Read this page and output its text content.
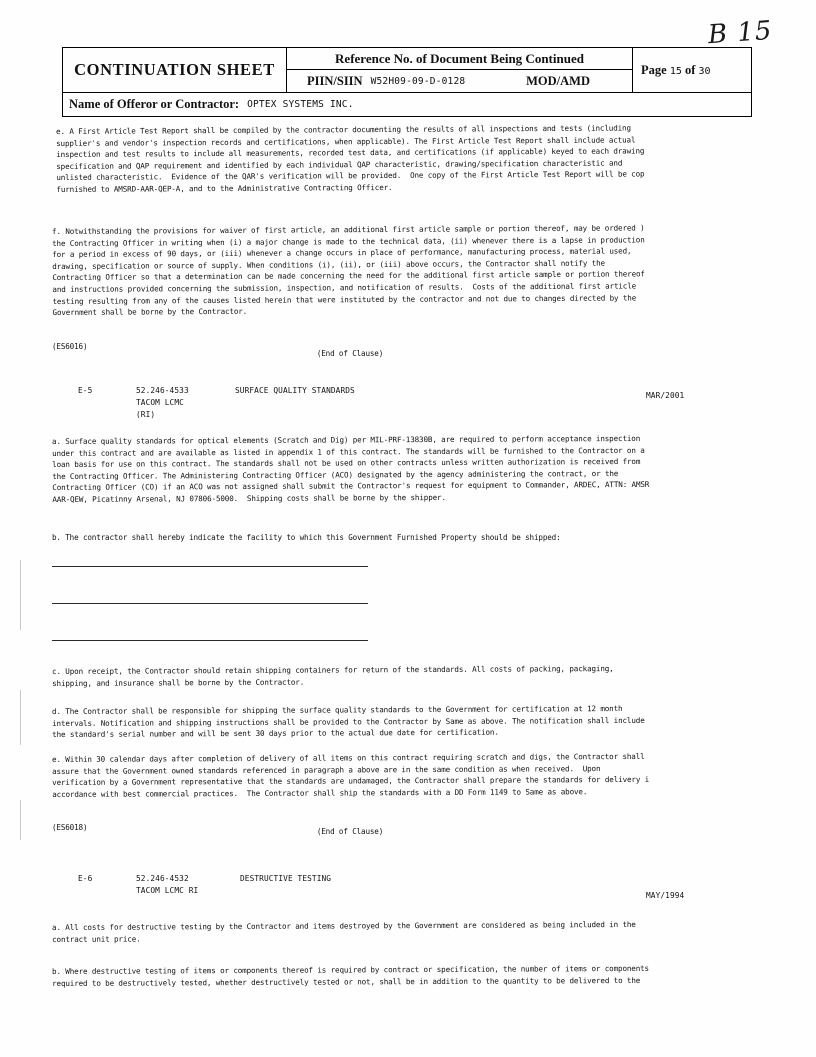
B 15
CONTINUATION SHEET
Reference No. of Document Being Continued
PIIN/SIIN W52H09-09-D-0128	MOD/AMD
Page 15 of 30
Name of Offeror or Contractor: OPTEX SYSTEMS INC.
e. A First Article Test Report shall be compiled by the contractor documenting the results of all inspections and tests (including
supplier's and vendor's inspection records and certifications, when applicable). The First Article Test Report shall include actual
inspection and test results to include all measurements, recorded test data, and certifications (if applicable) keyed to each drawing
specification and QAP requirement and identified by each individual QAP characteristic, drawing/specification characteristic and
unlisted characteristic.  Evidence of the QAR's verification will be provided.  One copy of the First Article Test Report will be cop
furnished to AMSRD-AAR-QEP-A, and to the Administrative Contracting Officer.
f. Notwithstanding the provisions for waiver of first article, an additional first article sample or portion thereof, may be ordered )
the Contracting Officer in writing when (i) a major change is made to the technical data, (ii) whenever there is a lapse in production
for a period in excess of 90 days, or (iii) whenever a change occurs in place of performance, manufacturing process, material used,
drawing, specification or source of supply. When conditions (i), (ii), or (iii) above occurs, the Contractor shall notify the
Contracting Officer so that a determination can be made concerning the need for the additional first article sample or portion thereof
and instructions provided concerning the submission, inspection, and notification of results.  Costs of the additional first article
testing resulting from any of the causes listed herein that were instituted by the contractor and not due to changes directed by the
Government shall be borne by the Contractor.
(ES6016)
(End of Clause)
E-5	52.246-4533	SURFACE QUALITY STANDARDS
TACOM LCMC
(RI)
MAR/2001
a. Surface quality standards for optical elements (Scratch and Dig) per MIL-PRF-13830B, are required to perform acceptance inspection
under this contract and are available as listed in appendix 1 of this contract. The standards will be furnished to the Contractor on a
loan basis for use on this contract. The standards shall not be used on other contracts unless written authorization is received from
the Contracting Officer. The Administering Contracting Officer (ACO) designated by the agency administering the contract, or the
Contracting Officer (CO) if an ACO was not assigned shall submit the Contractor's request for equipment to Commander, ARDEC, ATTN: AMSR
AAR-QEW, Picatinny Arsenal, NJ 07806-5000.  Shipping costs shall be borne by the shipper.
b. The contractor shall hereby indicate the facility to which this Government Furnished Property should be shipped:
c. Upon receipt, the Contractor should retain shipping containers for return of the standards. All costs of packing, packaging,
shipping, and insurance shall be borne by the Contractor.
d. The Contractor shall be responsible for shipping the surface quality standards to the Government for certification at 12 month
intervals. Notification and shipping instructions shall be provided to the Contractor by Same as above. The notification shall include
the standard's serial number and will be sent 30 days prior to the actual due date for certification.
e. Within 30 calendar days after completion of delivery of all items on this contract requiring scratch and digs, the Contractor shall
assure that the Government owned standards referenced in paragraph a above are in the same condition as when received.  Upon
verification by a Government representative that the standards are undamaged, the Contractor shall prepare the standards for delivery i
accordance with best commercial practices.  The Contractor shall ship the standards with a DD Form 1149 to Same as above.
(ES6018)	(End of Clause)
E-6	52.246-4532	DESTRUCTIVE TESTING
TACOM LCMC RI
MAY/1994
a. All costs for destructive testing by the Contractor and items destroyed by the Government are considered as being included in the
contract unit price.
b. Where destructive testing of items or components thereof is required by contract or specification, the number of items or components
required to be destructively tested, whether destructively tested or not, shall be in addition to the quantity to be delivered to the
